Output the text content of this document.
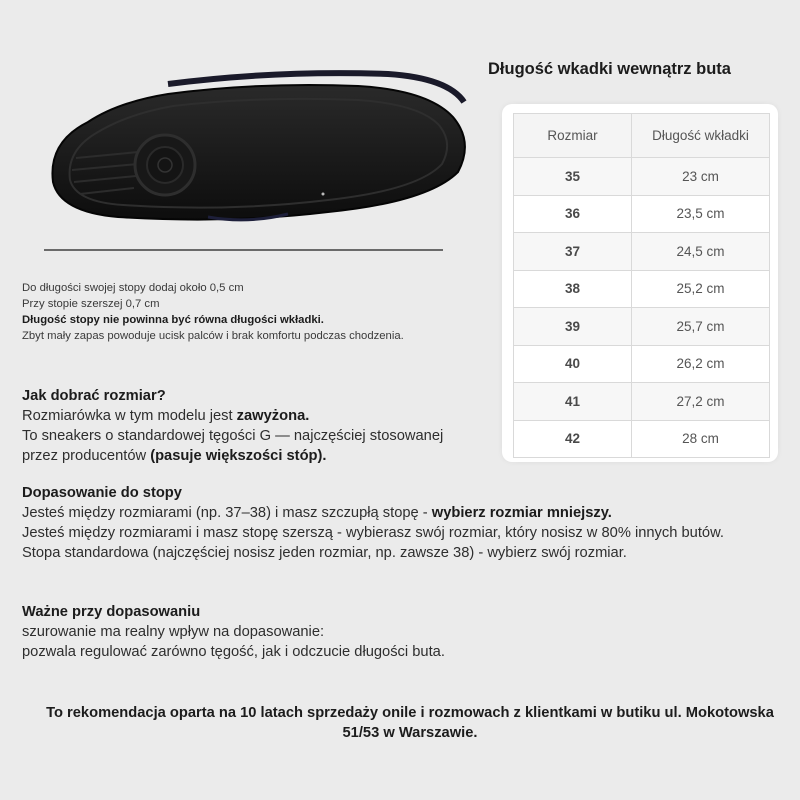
Do długości swojej stopy dodaj około 0,5 cm
Przy stopie szerszej 0,7 cm
Długość stopy nie powinna być równa długości wkładki.
Zbyt mały zapas powoduje ucisk palców i brak komfortu podczas chodzenia.
Długość wkadki wewnątrz buta
Rozmiar	Długość wkładki
35	23 cm
36	23,5 cm
37	24,5 cm
38	25,2 cm
39	25,7 cm
40	26,2 cm
41	27,2 cm
42	28 cm
Jak dobrać rozmiar?
Rozmiarówka w tym modelu jest zawyżona.
To sneakers o standardowej tęgości G — najczęściej stosowanej
przez producentów (pasuje większości stóp).
Dopasowanie do stopy
Jesteś między rozmiarami (np. 37–38) i masz szczupłą stopę - wybierz rozmiar mniejszy.
Jesteś między rozmiarami i masz stopę szerszą - wybierasz swój rozmiar, który nosisz w 80% innych butów.
Stopa standardowa (najczęściej nosisz jeden rozmiar, np. zawsze 38) - wybierz swój rozmiar.
Ważne przy dopasowaniu
szurowanie ma realny wpływ na dopasowanie:
pozwala regulować zarówno tęgość, jak i odczucie długości buta.
To rekomendacja oparta na 10 latach sprzedaży onile i rozmowach z klientkami w butiku ul. Mokotowska 51/53 w Warszawie.
